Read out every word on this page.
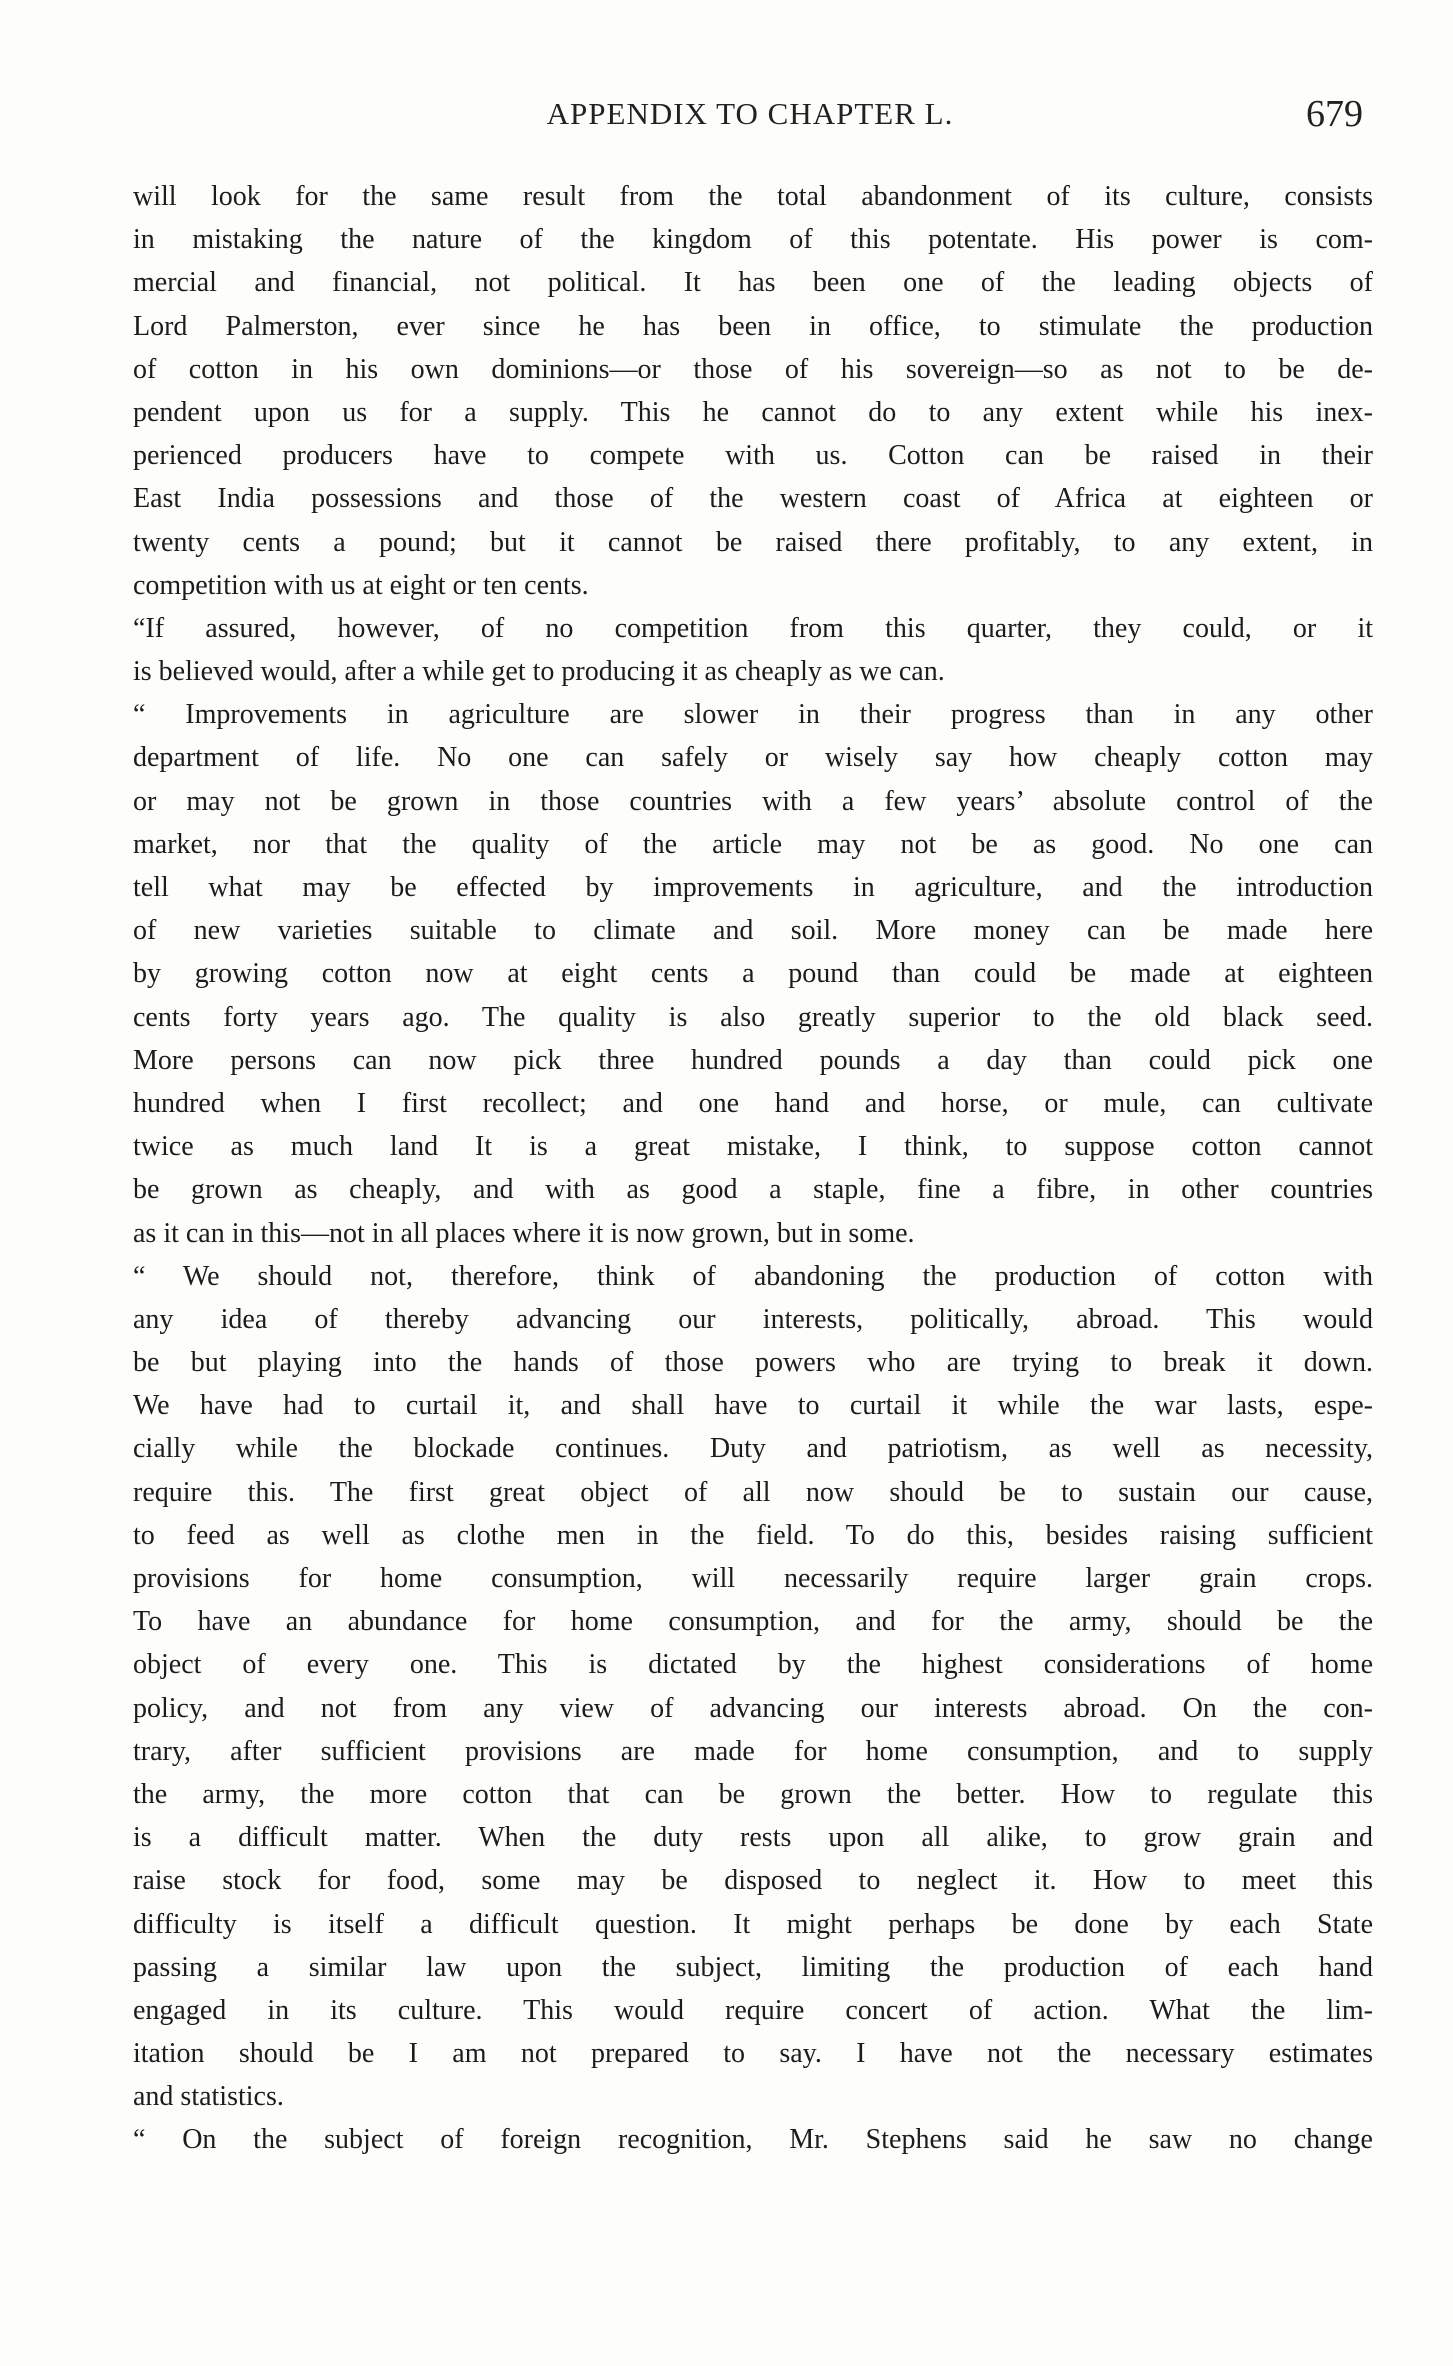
APPENDIX TO CHAPTER L.	679
will look for the same result from the total abandonment of its culture, consists
in mistaking the nature of the kingdom of this potentate. His power is com-
mercial and financial, not political. It has been one of the leading objects of
Lord Palmerston, ever since he has been in office, to stimulate the production
of cotton in his own dominions—or those of his sovereign—so as not to be de-
pendent upon us for a supply. This he cannot do to any extent while his inex-
perienced producers have to compete with us. Cotton can be raised in their
East India possessions and those of the western coast of Africa at eighteen or
twenty cents a pound; but it cannot be raised there profitably, to any extent, in
competition with us at eight or ten cents.
“If assured, however, of no competition from this quarter, they could, or it
is believed would, after a while get to producing it as cheaply as we can.
“ Improvements in agriculture are slower in their progress than in any other
department of life. No one can safely or wisely say how cheaply cotton may
or may not be grown in those countries with a few years’ absolute control of the
market, nor that the quality of the article may not be as good. No one can
tell what may be effected by improvements in agriculture, and the introduction
of new varieties suitable to climate and soil. More money can be made here
by growing cotton now at eight cents a pound than could be made at eighteen
cents forty years ago. The quality is also greatly superior to the old black seed.
More persons can now pick three hundred pounds a day than could pick one
hundred when I first recollect; and one hand and horse, or mule, can cultivate
twice as much land It is a great mistake, I think, to suppose cotton cannot
be grown as cheaply, and with as good a staple, fine a fibre, in other countries
as it can in this—not in all places where it is now grown, but in some.
“ We should not, therefore, think of abandoning the production of cotton with
any idea of thereby advancing our interests, politically, abroad. This would
be but playing into the hands of those powers who are trying to break it down.
We have had to curtail it, and shall have to curtail it while the war lasts, espe-
cially while the blockade continues. Duty and patriotism, as well as necessity,
require this. The first great object of all now should be to sustain our cause,
to feed as well as clothe men in the field. To do this, besides raising sufficient
provisions for home consumption, will necessarily require larger grain crops.
To have an abundance for home consumption, and for the army, should be the
object of every one. This is dictated by the highest considerations of home
policy, and not from any view of advancing our interests abroad. On the con-
trary, after sufficient provisions are made for home consumption, and to supply
the army, the more cotton that can be grown the better. How to regulate this
is a difficult matter. When the duty rests upon all alike, to grow grain and
raise stock for food, some may be disposed to neglect it. How to meet this
difficulty is itself a difficult question. It might perhaps be done by each State
passing a similar law upon the subject, limiting the production of each hand
engaged in its culture. This would require concert of action. What the lim-
itation should be I am not prepared to say. I have not the necessary estimates
and statistics.
“ On the subject of foreign recognition, Mr. Stephens said he saw no change
